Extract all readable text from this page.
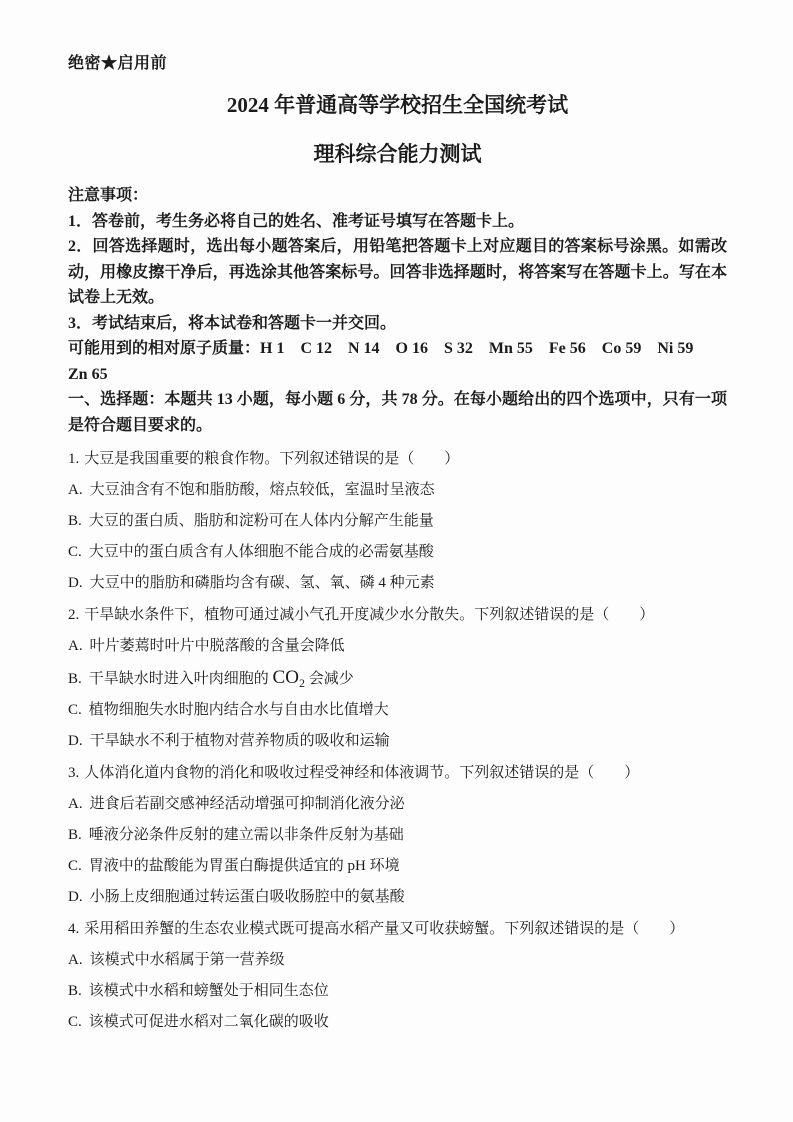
绝密★启用前
2024 年普通高等学校招生全国统考试
理科综合能力测试

注意事项：

1．答卷前，考生务必将自己的姓名、准考证号填写在答题卡上。

2．回答选择题时，选出每小题答案后，用铅笔把答题卡上对应题目的答案标号涂黑。如需改动，用橡皮擦干净后，再选涂其他答案标号。回答非选择题时，将答案写在答题卡上。写在本试卷上无效。

3．考试结束后，将本试卷和答题卡一并交回。

可能用到的相对原子质量：H 1　C 12　N 14　O 16　S 32　Mn 55　Fe 56　Co 59　Ni 59

Zn 65

一、选择题：本题共 13 小题，每小题 6 分，共 78 分。在每小题给出的四个选项中，只有一项是符合题目要求的。

1. 大豆是我国重要的粮食作物。下列叙述错误的是（　　）

A. 大豆油含有不饱和脂肪酸，熔点较低，室温时呈液态

B. 大豆的蛋白质、脂肪和淀粉可在人体内分解产生能量

C. 大豆中的蛋白质含有人体细胞不能合成的必需氨基酸

D. 大豆中的脂肪和磷脂均含有碳、氢、氧、磷 4 种元素

2. 干旱缺水条件下，植物可通过减小气孔开度减少水分散失。下列叙述错误的是（　　）

A. 叶片萎蔫时叶片中脱落酸的含量会降低

B. 干旱缺水时进入叶肉细胞的 $CO_2$ 会减少

C. 植物细胞失水时胞内结合水与自由水比值增大

D. 干旱缺水不利于植物对营养物质的吸收和运输

3. 人体消化道内食物的消化和吸收过程受神经和体液调节。下列叙述错误的是（　　）

A. 进食后若副交感神经活动增强可抑制消化液分泌

B. 唾液分泌条件反射的建立需以非条件反射为基础

C. 胃液中的盐酸能为胃蛋白酶提供适宜的 pH 环境

D. 小肠上皮细胞通过转运蛋白吸收肠腔中的氨基酸

4. 采用稻田养蟹的生态农业模式既可提高水稻产量又可收获螃蟹。下列叙述错误的是（　　）

A. 该模式中水稻属于第一营养级

B. 该模式中水稻和螃蟹处于相同生态位

C. 该模式可促进水稻对二氧化碳的吸收
